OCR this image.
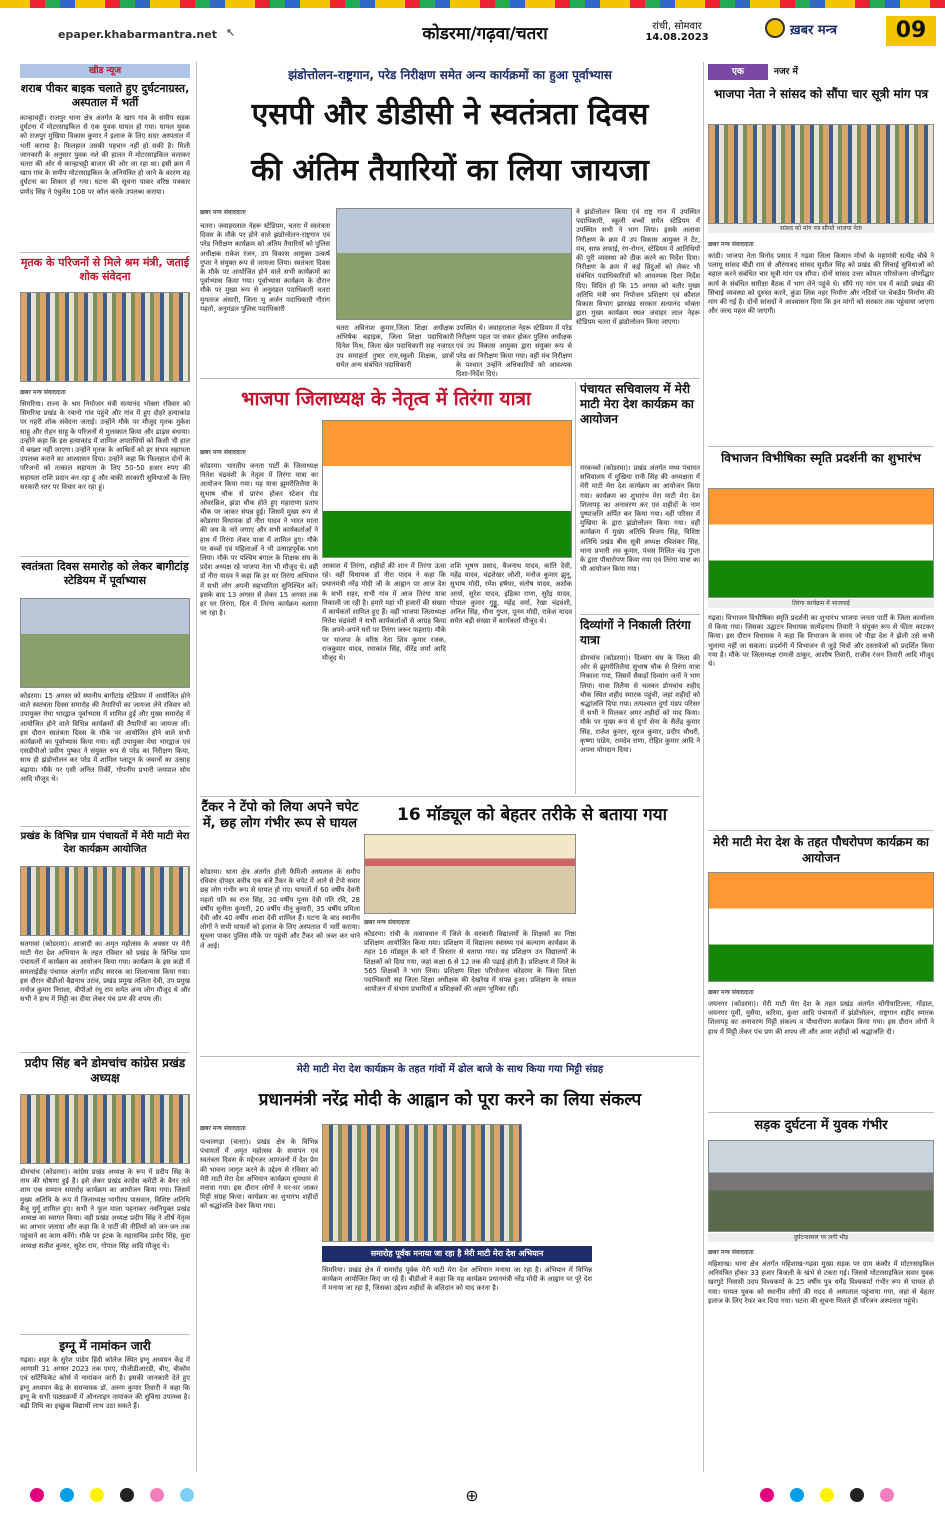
epaper.khabarmantra.net ↖	कोडरमा/गढ़वा/चतरा	रांची, सोमवार
14.08.2023	ख़बर मन्त्र	09
खीड न्यूज
शराब पीकर बाइक चलाते हुए दुर्घटनाग्रस्त, अस्पताल में भर्ती
कान्हाचट्टी। राजपुर थाना क्षेत्र अंतर्गत के खाप गांव के समीप सड़क दुर्घटना में मोटरसाइकिल से एक युवक घायल हो गया। घायल युवक को राजपुर मुखिया विकास कुमार ने इलाज के लिए सदर अस्पताल में भर्ती कराया है। फिलहाल उसकी पहचान नहीं हो सकी है। मिली जानकारी के अनुसार युवक नशे की हालत में मोटरसाइकिल चलाकर चतरा की ओर से कान्हाचट्टी बाजार की ओर जा रहा था। इसी क्रम में खाप गांव के समीप मोटरसाइकिल के अनियंत्रित हो जाने के कारण वह दुर्घटना का शिकार हो गया। घटना की सूचना पाकर वरिष्ठ पत्रकार प्रमोद सिंह ने एंबुलेंस 108 पर कॉल करके उपलब्ध कराया।
मृतक के परिजनों से मिले श्रम मंत्री, जताई शोक संवेदना
ख़बर मन्त्र संवाददाता
सिमरिया। राज्य के श्रम नियोजन मंत्री सत्यानंद भोक्ता रविवार को सिमरिया प्रखंड के रबानो गांव पहुंचे और गांव में हुए दोहरे हत्याकांड पर गहरी शोक संवेदना जताई। उन्होंने मौके पर मौजूद मृतक मुकेश साहू और रोहन साहू के परिजनों से मुलाकात किया और ढाढ़स बंधाया। उन्होंने कहा कि इस हत्याकांड में शामिल अपराधियों को किसी भी हाल में बख्शा नहीं जाएगा। उन्होंने मृतक के आश्रितों को हर संभव सहायता उपलब्ध कराने का आश्वासन दिया। उन्होंने कहा कि फिलहाल दोनों के परिजनों को तत्काल सहायता के लिए 50-50 हजार रुपए की सहायता राशि प्रदान कर रहा हूं और बाकी सरकारी सुविधाओं के लिए सरकारी स्तर पर विचार कर रहा हूं।
स्वतंत्रता दिवस समारोह को लेकर बागीटांड़ स्टेडियम में पूर्वाभ्यास
कोडरमा। 15 अगस्त को स्थानीय बागीटांड़ स्टेडियम में आयोजित होने वाले स्वतंत्रता दिवस समारोह की तैयारियों का जायजा लेने रविवार को उपायुक्त मेघा भारद्वाज पूर्वाभ्यास में शामिल हुईं और मुख्य समारोह में आयोजित होने वाले विभिन्न कार्यक्रमों की तैयारियों का जायजा लीं। इस दौरान स्वतंत्रता दिवस के मौके पर आयोजित होने वाले सभी कार्यक्रमों का पूर्वाभ्यास किया गया। वहीं उपायुक्त मेघा भारद्वाज एवं एसडीपीओ प्रवीण पुष्कर ने संयुक्त रूप से परेड का निरीक्षण किया, साथ ही झंडोत्तोलन कर परेड में शामिल प्लाटून के जवानों का उत्साह बढ़ाया। मौके पर एसी अनिल तिर्की, गोपनीय प्रभारी जयपाल सोय आदि मौजूद थे।
प्रखंड के विभिन्न ग्राम पंचायतों में मेरी माटी मेरा देश कार्यक्रम आयोजित
सतगावां (कोडरमा)। आजादी का अमृत महोत्सव के अवसर पर मेरी माटी मेरा देश अभियान के तहत रविवार को प्रखंड के विभिन्न ग्राम पंचायतों में कार्यक्रम का आयोजन किया गया। कार्यक्रम के इस कड़ी में समलाईडीह पंचायत अंतर्गत शहीद स्मारक का शिलान्यास किया गया। इस दौरान बीडीओ बैद्यनाथ उरांव, प्रखंड प्रमुख ललिता देवी, उप प्रमुख मनोज कुमार निराला, बीपीओ रंधू राम समेत अन्य लोग मौजूद थे और सभी ने हाथ में मिट्टी का दीया लेकर पंच प्रण की शपथ ली।
प्रदीप सिंह बने डोमचांच कांग्रेस प्रखंड अध्यक्ष
डोमचांच (कोडरमा)। कांग्रेस प्रखंड अध्यक्ष के रूप में प्रदीप सिंह के नाम की घोषणा हुई है। इसे लेकर प्रखंड कांग्रेस कमेटी के बैनर तले शाम एक सम्मान समारोह कार्यक्रम का आयोजन किया गया। जिसमें मुख्य अतिथि के रूप में जिलाध्यक्ष भागीरथ पासवान, विशिष्ट अतिथि बैजू मुर्मू शामिल हुए। सभी ने फूल माला पहनाकर नवनियुक्त प्रखंड अध्यक्ष का स्वागत किया। वहीं प्रखंड अध्यक्ष प्रदीप सिंह ने शीर्ष नेतृत्व का आभार जताया और कहा कि वे पार्टी की नीतियों को जन-जन तक पहुंचाने का काम करेंगे। मौके पर इंटक के महासचिव प्रमोद सिंह, युवा अध्यक्ष सतीश कुमार, सुरेश राम, गोपाल सिंह आदि मौजूद थे।
इग्नू में नामांकन जारी
गढ़वा। शहर के सुरेश पांडेय हिंदी कॉलेज स्थित इग्नू अध्ययन केंद्र में आगामी 31 अगस्त 2023 तक एमए, पीजीडीआरडी, बीए, बीकॉम एवं सर्टिफिकेट कोर्स में नामांकन जारी है। इसकी जानकारी देते हुए इग्नू अध्ययन केंद्र के समन्वयक डॉ. अरुण कुमार तिवारी ने कहा कि इग्नू के सभी पाठ्यक्रमों में ऑनलाइन नामांकन की सुविधा उपलब्ध है। बढ़ी तिथि का इच्छुक विद्यार्थी लाभ उठा सकते हैं।
झंडोत्तोलन-राष्ट्रगान, परेड निरीक्षण समेत अन्य कार्यक्रमों का हुआ पूर्वाभ्यास
एसपी और डीडीसी ने स्वतंत्रता दिवस
की अंतिम तैयारियों का लिया जायजा
ख़बर मन्त्र संवाददाता
चतरा। जवाहरलाल नेहरू स्टेडियम, चतरा में स्वतंत्रता दिवस के मौके पर होने वाले झंडोत्तोलन-राष्ट्रगान एवं परेड निरीक्षण कार्यक्रम को अंतिम तैयारियों को पुलिस अधीक्षक राकेश रंजन, उप विकास आयुक्त उत्कर्ष गुप्ता ने संयुक्त रूप से जायजा लिया। स्वतंत्रता दिवस के मौके पर आयोजित होने वाले सभी कार्यक्रमों का पूर्वाभ्यास किया गया। पूर्वाभ्यास कार्यक्रम के दौरान मौके पर मुख्य रूप से अनुमंडल पदाधिकारी चतरा मुमताज अंसारी, जिला भू अर्जन पदाधिकारी गौरांग महतो, अनुमंडल पुलिस पदाधिकारी
चतरा अविनाश कुमार,जिला शिक्षा अधीक्षक अभिषेक बड़ाइक, जिला शिक्षा पदाधिकारी दिनेश मिश्र, जिला खेल पदाधिकारी सह नजारत उप समाहर्ता तुषार राय,स्कूली शिक्षक, छात्रों समेत अन्य संबंधित पदाधिकारी
उपस्थित थे। जवाहरलाल नेहरू स्टेडियम में परेड निरीक्षण पहल पर सकर होकर पुलिस अधीक्षक एवं उप विकास आयुक्त द्वारा संयुक्त रूप से परेड का निरीक्षण किया गया। वहीं मंच निरीक्षण के पश्चात उन्होंने अधिकारियों को आवश्यक दिशा-निर्देश दिए।
ने झंडोत्तोलन किया एवं राष्ट्र गान में उपस्थित पदाधिकारी, स्कूली बच्चों समेत स्टेडियम में उपस्थित सभी ने भाग लिया। इसके अलावा निरीक्षण के क्रम में उप विकास आयुक्त ने टेंट, मंच, साफ सफाई, रंग-रोगन, स्टेडियम में आतिथियों की पूरी व्यवस्था को ठीक करने का निर्देश दिया। निरीक्षण के क्रम में कई विंदुओं को लेकर भी संबंधित पदाधिकारियों को आवश्यक दिशा निर्देश दिए। विदित हो कि 15 अगस्त को बतौर मुख्य अतिथि मंत्री श्रम नियोजन प्रशिक्षण एवं कौशल विकास विभाग झारखंड सरकार सत्यानंद भोक्ता द्वारा मुख्य कार्यक्रम स्थल जवाहर लाल नेहरू स्टेडियम चतरा में झंडोत्तोलन किया जाएगा।
भाजपा जिलाध्यक्ष के नेतृत्व में तिरंगा यात्रा
ख़बर मन्त्र संवाददाता
कोडरमा। भारतीय जनता पार्टी के जिलाध्यक्ष नितेश चंद्रवंशी के नेतृत्व में तिरंगा यात्रा का आयोजन किया गया। यह यात्रा झुमरीतिलैया के सुभाष चौक से प्रारंभ होकर स्टेशन रोड ओवरब्रिज, झंडा चौक होते हुए महाराणा प्रताप चौक पर जाकर संपन्न हुई। जिसमें मुख्य रूप से कोडरमा विधायक डॉ नीरा यादव ने भारत माता की जय के नारे लगाए और सभी कार्यकर्ताओं ने हाथ में तिरंगा लेकर यात्रा में शामिल हुए। मौके पर बच्चों एवं महिलाओं ने भी उत्साहपूर्वक भाग लिया। मौके पर पश्चिम बंगाल के शिक्षक संघ के प्रदेश अध्यक्ष रहे भाजपा नेता भी मौजूद थे। वहीं डॉ नीरा यादव ने कहा कि हर घर तिरंगा अभियान में सभी लोग अपनी सहभागिता सुनिश्चित करें। इसके बाद 13 अगस्त से लेकर 15 अगस्त तक हर घर तिरंगा, दिल में तिरंगा कार्यक्रम चलाया जा रहा है।
आकाश में तिरंगा, शहीदों की शान में तिरंगा ऊंचा रहे। वहीं विधायक डॉ नीरा यादव ने कहा कि प्रधानमंत्री नरेंद्र मोदी जी के आह्वान पर आज देश के सभी शहर, सभी गांव में आज तिरंगा यात्रा निकाली जा रही है। हमारे यहां भी हजारों की संख्या में कार्यकर्ता शामिल हुए हैं। वहीं भाजपा जिलाध्यक्ष नितेश चंद्रवंशी ने सभी कार्यकर्ताओं से आग्रह किया कि अपने-अपने घरों पर तिरंगा जरूर फहराएं। मौके पर भाजपा के वरिष्ठ नेता शिव कुमार रजक, राजकुमार यादव, रमाकांत सिंह, वीरेंद्र शर्मा आदि मौजूद थे।
शशि भूषण प्रसाद, बैजनाथ यादव, कांति देवी, महेंद्र यादव, चंद्रशेखर जोशी, मनोज कुमार झुनू, सुभाष मोदी, रमेश हर्षधर, संतोष यादव, अशोक आर्या, सुरेश यादव, इंद्रिका राणा, सुरेंद्र यादव, गोपाल कुमार गुड्डू, महेंद्र वर्मा, रेखा चंद्रवंशी, अनिल सिंह, मीना गुप्ता, पूनम मोदी, राकेश यादव समेत बड़ी संख्या में कार्यकर्ता मौजूद थे।
पंचायत सचिवालय में मेरी माटी मेरा देश कार्यक्रम का आयोजन
मरकच्चो (कोडरमा)। प्रखंड अंतर्गत मध्य पंचायत सचिवालय में मुखिया रानी सिंह की अध्यक्षता में मेरी माटी मेरा देश कार्यक्रम का आयोजन किया गया। कार्यक्रम का शुभारंभ मेरा माटी मेरा देश शिलापट्ट का अनावरण कर एवं शहीदों के नाम पुष्पांजलि अर्पित कर किया गया। वहीं परिसर में मुखिया के द्वारा झंडोत्तोलन किया गया। वहीं कार्यक्रम में मुख्य अतिथि विजय सिंह, विशिष्ट अतिथि प्रखंड बीस सूत्री अध्यक्ष रविशंकर सिंह, थाना प्रभारी लव कुमार, पंचस मिलित चंद्र गुप्ता के द्वारा पौधारोपण किया गया एवं तिरंगा यात्रा का भी आयोजन किया गया।
दिव्यांगों ने निकाली तिरंगा यात्रा
डोमचांच (कोडरमा)। दिव्यांग संघ के जिला की ओर से झुमरीतिलैया सुभाष चौक से तिरंगा यात्रा निकाला गया, जिसमें सैकड़ों दिव्यांग जनों ने भाग लिया। यात्रा तिलैया से चलकर डोमचांच शहीद चौक स्थित शहीद स्मारक पहुंची, जहां शहीदों को श्रद्धांजलि दिया गया। तत्पश्चात दुर्गा मंडप परिसर में सभी ने मिलकर अमर शहीदों को याद किया। मौके पर मुख्य रूप से दुर्गा सेना के सैलेंद्र कुमार सिंह, राजेश कुमार, सूरज कुमार, प्रदीप चौधरी, कृष्णा पांडेय, रामदेव राणा, रोहित कुमार आदि ने अपना योगदान दिया।
टैंकर ने टेंपो को लिया अपने चपेट में, छह लोग गंभीर रूप से घायल
कोडरमा। थाना क्षेत्र अंतर्गत होली फैमिली अस्पताल के समीप रविवार दोपहर करीब एक बजे टैंकर के चपेट में आने से टेंपो सवार छह लोग गंभीर रूप से घायल हो गए। घायलों में 60 वर्षीय देवनी महतो पति स्व राज सिंह, 30 वर्षीय पूनम देवी पति रवि, 28 वर्षीय सुनीता कुमारी, 20 वर्षीय मीनू कुमारी, 35 वर्षीय प्रमिला देवी और 40 वर्षीय आशा देवी शामिल हैं। घटना के बाद स्थानीय लोगों ने सभी घायलों को इलाज के लिए अस्पताल में भर्ती कराया। सूचना पाकर पुलिस मौके पर पहुंची और टैंकर को जब्त कर थाने ले आई।
16 मॉड्यूल को बेहतर तरीके से बताया गया
ख़बर मन्त्र संवाददाता
कोडरमा। रांची के तत्वावधान में जिले के सरकारी विद्यालयों के शिक्षकों का निष्ठा प्रशिक्षण आयोजित किया गया। प्रशिक्षण में विद्यालय स्वास्थ्य एवं कल्याण कार्यक्रम के तहत 16 मॉड्यूल के बारे में विस्तार से बताया गया। यह प्रशिक्षण उन विद्यालयों के शिक्षकों को दिया गया, जहां कक्षा 6 से 12 तक की पढ़ाई होती है। प्रशिक्षण में जिले के 565 शिक्षकों ने भाग लिया। प्रशिक्षण शिक्षा परियोजना कोडरमा के जिला शिक्षा पदाधिकारी सह जिला शिक्षा अधीक्षक की देखरेख में संपन्न हुआ। प्रशिक्षण के सफल आयोजन में संभाग प्रभारियों व प्रशिक्षकों की अहम भूमिका रही।
मेरी माटी मेरा देश कार्यक्रम के तहत गांवों में ढोल बाजे के साथ किया गया मिट्टी संग्रह
प्रधानमंत्री नरेंद्र मोदी के आह्वान को पूरा करने का लिया संकल्प
ख़बर मन्त्र संवाददाता
पत्थलगड़ा (चतरा)। प्रखंड क्षेत्र के विभिन्न पंचायतों में अमृत महोत्सव के समापन एवं स्वतंत्रता दिवस के मद्देनजर आमजनों में देश प्रेम की भावना जागृत करने के उद्देश्य से रविवार को मेरी माटी मेरा देश अभियान कार्यक्रम धूमधाम से मनाया गया। इस दौरान लोगों ने घर-घर जाकर मिट्टी संग्रह किया। कार्यक्रम का शुभारंभ शहीदों को श्रद्धांजलि देकर किया गया।
समारोह पूर्वक मनाया जा रहा है मेरी माटी मेरा देश अभियान
सिमरिया। प्रखंड क्षेत्र में समारोह पूर्वक मेरी माटी मेरा देश अभियान मनाया जा रहा है। अभियान में विभिन्न कार्यक्रम आयोजित किए जा रहे हैं। बीडीओ ने कहा कि यह कार्यक्रम प्रधानमंत्री नरेंद्र मोदी के आह्वान पर पूरे देश में मनाया जा रहा है, जिसका उद्देश्य शहीदों के बलिदान को याद करना है।
एक	नजर में
भाजपा नेता ने सांसद को सौंपा चार सूत्री मांग पत्र
सांसद को मांग पत्र सौंपते भाजपा नेता
ख़बर मन्त्र संवाददाता
कांडी। भाजपा नेता विनोद प्रसाद ने गढ़वा जिला किसान मोर्चा के महामंत्री सत्येंद्र चौबे ने पलामू सांसद बीडी राम से औरंगाबद सांसद सुशील सिंह को प्रखंड की सिंचाई सुविधाओं को बहाल करने संबंधित चार सूत्री मांग पत्र सौंपा। दोनों सांसद उत्तर कोयल परियोजना जीर्णोद्धार कार्य के संबंधित समीक्षा बैठक में भाग लेने पहुंचे थे। सौंपे गए मांग पत्र में कांडी प्रखंड की सिंचाई व्यवस्था को दुरुस्त करने, कुंडा लिंक नहर निर्माण और नदियों पर चेकडैम निर्माण की मांग की गई है। दोनों सांसदों ने आश्वासन दिया कि इन मांगों को सरकार तक पहुंचाया जाएगा और जल्द पहल की जाएगी।
विभाजन विभीषिका स्मृति प्रदर्शनी का शुभारंभ
तिरंगा कार्यक्रम में भाजपाई
गढ़वा। विभाजन विभीषिका स्मृति प्रदर्शनी का शुभारंभ भाजपा जनता पार्टी के जिला कार्यालय में किया गया। जिसका उद्घाटन विधायक सत्येंद्रनाथ तिवारी ने संयुक्त रूप से फीता काटकर किया। इस दौरान विधायक ने कहा कि विभाजन के समय जो पीड़ा देश ने झेली उसे कभी भुलाया नहीं जा सकता। प्रदर्शनी में विभाजन से जुड़े चित्रों और दस्तावेजों को प्रदर्शित किया गया है। मौके पर जिलाध्यक्ष रामजी ठाकुर, आशीष तिवारी, राजीव रंजन तिवारी आदि मौजूद थे।
मेरी माटी मेरा देश के तहत पौधरोपण कार्यक्रम का आयोजन
ख़बर मन्त्र संवाददाता
जयनगर (कोडरमा)। मेरी माटी मेरा देश के तहत प्रखंड अंतर्गत चोंगीयाटिल्ला, गोंडाल, जयनगर पूर्वी, मुसैया, करिया, कुशा आदि पंचायतों में झंडोत्तोलन, राष्ट्रगान शहीद स्मारक शिलापट्ट का अनावरण मिट्टी संकल्प व पौधारोपण कार्यक्रम किया गया। इस दौरान लोगों ने हाथ में मिट्टी लेकर पंच प्रण की शपथ ली और अमर शहीदों को श्रद्धांजलि दी।
सड़क दुर्घटना में युवक गंभीर
दुर्घटनास्थल पर लगी भीड़
ख़बर मन्त्र संवाददाता
महिशाख। थाना क्षेत्र अंतर्गत महिशाख-गढ़वा मुख्य सड़क पर ग्राम कंकौर में मोटरसाइकिल अनियंत्रित होकर 33 हजार बिजली के खंभे से टकरा गई। जिससे मोटरसाइकिल सवार युवक खरगुटे निवासी उदय विश्वकर्मा के 25 वर्षीय पुत्र धर्मेंद्र विश्वकर्मा गंभीर रूप से घायल हो गया। घायल युवक को स्थानीय लोगों की मदद से अस्पताल पहुंचाया गया, जहां से बेहतर इलाज के लिए रेफर कर दिया गया। घटना की सूचना मिलते ही परिजन अस्पताल पहुंचे।
⊕
